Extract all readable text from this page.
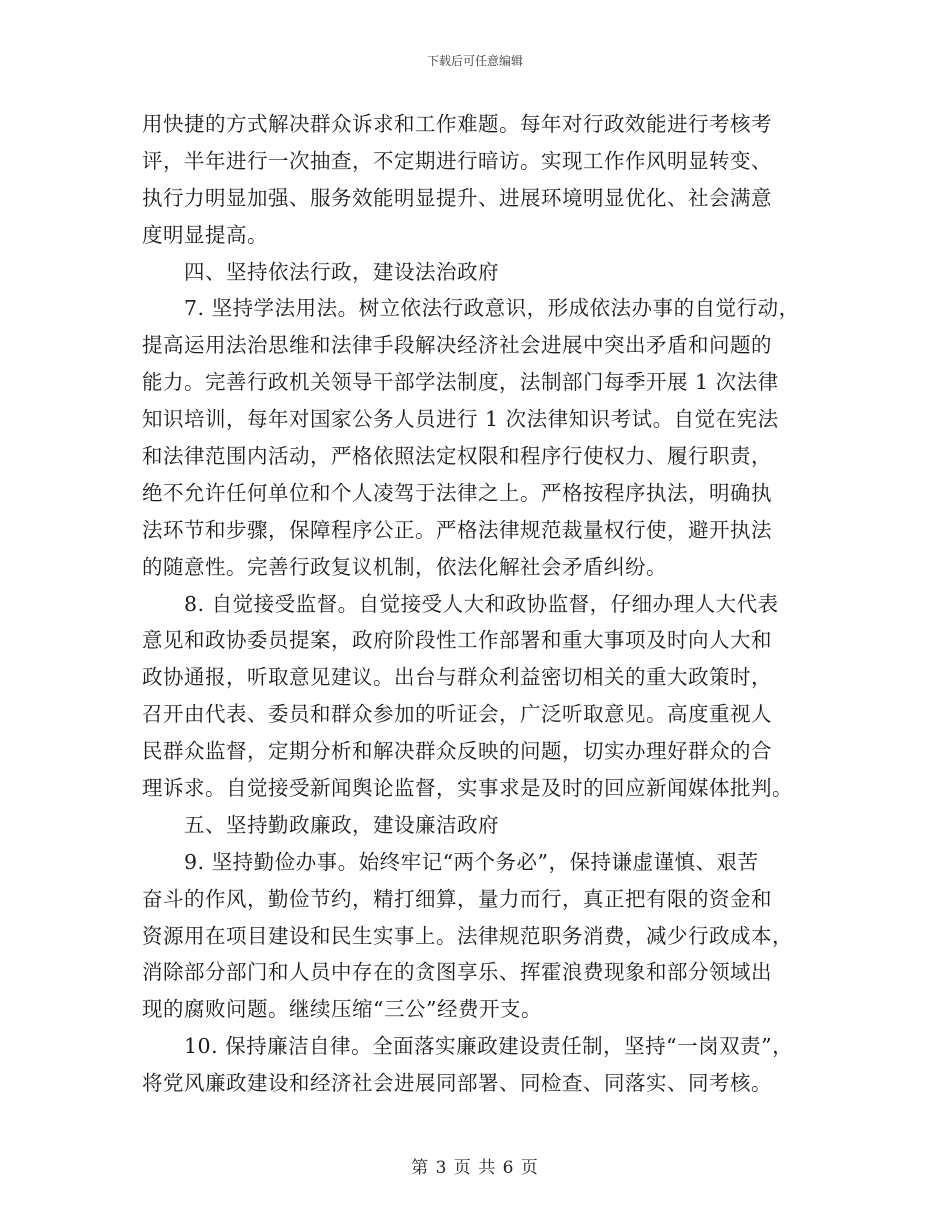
下载后可任意编辑
用快捷的方式解决群众诉求和工作难题。每年对行政效能进行考核考
评，半年进行一次抽查，不定期进行暗访。实现工作作风明显转变、
执行力明显加强、服务效能明显提升、进展环境明显优化、社会满意
度明显提高。
四、坚持依法行政，建设法治政府
7. 坚持学法用法。树立依法行政意识，形成依法办事的自觉行动，
提高运用法治思维和法律手段解决经济社会进展中突出矛盾和问题的
能力。完善行政机关领导干部学法制度，法制部门每季开展 1 次法律
知识培训，每年对国家公务人员进行 1 次法律知识考试。自觉在宪法
和法律范围内活动，严格依照法定权限和程序行使权力、履行职责，
绝不允许任何单位和个人凌驾于法律之上。严格按程序执法，明确执
法环节和步骤，保障程序公正。严格法律规范裁量权行使，避开执法
的随意性。完善行政复议机制，依法化解社会矛盾纠纷。
8. 自觉接受监督。自觉接受人大和政协监督，仔细办理人大代表
意见和政协委员提案，政府阶段性工作部署和重大事项及时向人大和
政协通报，听取意见建议。出台与群众利益密切相关的重大政策时，
召开由代表、委员和群众参加的听证会，广泛听取意见。高度重视人
民群众监督，定期分析和解决群众反映的问题，切实办理好群众的合
理诉求。自觉接受新闻舆论监督，实事求是及时的回应新闻媒体批判。
五、坚持勤政廉政，建设廉洁政府
9. 坚持勤俭办事。始终牢记“两个务必”，保持谦虚谨慎、艰苦
奋斗的作风，勤俭节约，精打细算，量力而行，真正把有限的资金和
资源用在项目建设和民生实事上。法律规范职务消费，减少行政成本，
消除部分部门和人员中存在的贪图享乐、挥霍浪费现象和部分领域出
现的腐败问题。继续压缩“三公”经费开支。
10. 保持廉洁自律。全面落实廉政建设责任制，坚持“一岗双责”，
将党风廉政建设和经济社会进展同部署、同检查、同落实、同考核。
第 3 页 共 6 页
